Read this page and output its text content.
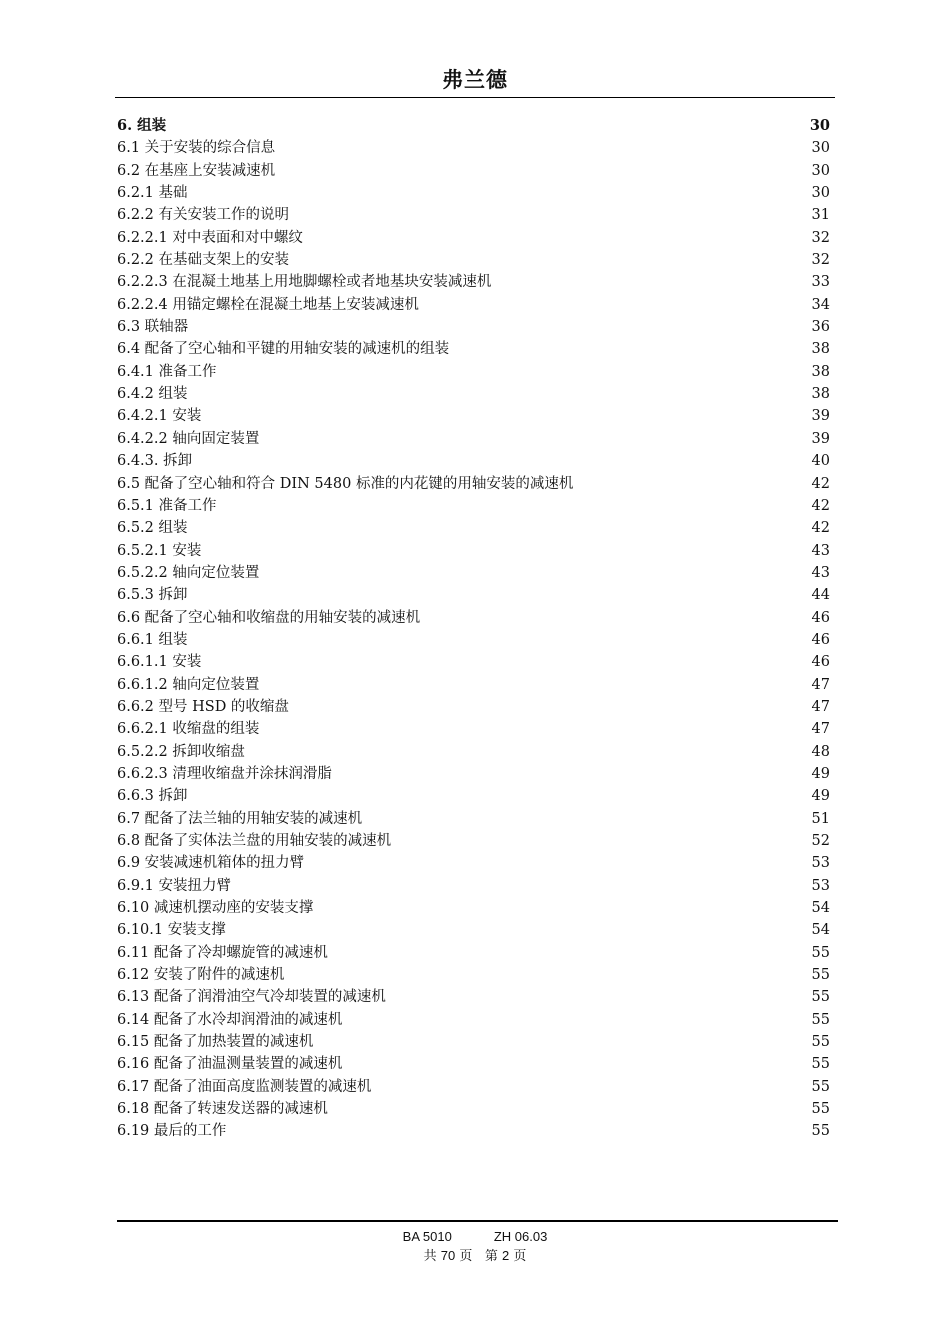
弗兰德
6. 组装	30
6.1 关于安装的综合信息	30
6.2 在基座上安装减速机	30
6.2.1 基础	30
6.2.2 有关安装工作的说明	31
6.2.2.1 对中表面和对中螺纹	32
6.2.2 在基础支架上的安装	32
6.2.2.3 在混凝土地基上用地脚螺栓或者地基块安装减速机	33
6.2.2.4 用锚定螺栓在混凝土地基上安装减速机	34
6.3 联轴器	36
6.4 配备了空心轴和平键的用轴安装的减速机的组装	38
6.4.1 准备工作	38
6.4.2 组装	38
6.4.2.1 安装	39
6.4.2.2 轴向固定装置	39
6.4.3. 拆卸	40
6.5 配备了空心轴和符合 DIN 5480 标准的内花键的用轴安装的减速机	42
6.5.1 准备工作	42
6.5.2 组装	42
6.5.2.1 安装	43
6.5.2.2 轴向定位装置	43
6.5.3 拆卸	44
6.6 配备了空心轴和收缩盘的用轴安装的减速机	46
6.6.1 组装	46
6.6.1.1 安装	46
6.6.1.2 轴向定位装置	47
6.6.2 型号 HSD 的收缩盘	47
6.6.2.1 收缩盘的组装	47
6.5.2.2 拆卸收缩盘	48
6.6.2.3 清理收缩盘并涂抹润滑脂	49
6.6.3 拆卸	49
6.7 配备了法兰轴的用轴安装的减速机	51
6.8 配备了实体法兰盘的用轴安装的减速机	52
6.9 安装减速机箱体的扭力臂	53
6.9.1 安装扭力臂	53
6.10 减速机摆动座的安装支撑	54
6.10.1 安装支撑	54
6.11 配备了冷却螺旋管的减速机	55
6.12 安装了附件的减速机	55
6.13 配备了润滑油空气冷却装置的减速机	55
6.14 配备了水冷却润滑油的减速机	55
6.15 配备了加热装置的减速机	55
6.16 配备了油温测量装置的减速机	55
6.17 配备了油面高度监测装置的减速机	55
6.18 配备了转速发送器的减速机	55
6.19 最后的工作	55
BA 5010	ZH 06.03
共 70 页 第 2 页
